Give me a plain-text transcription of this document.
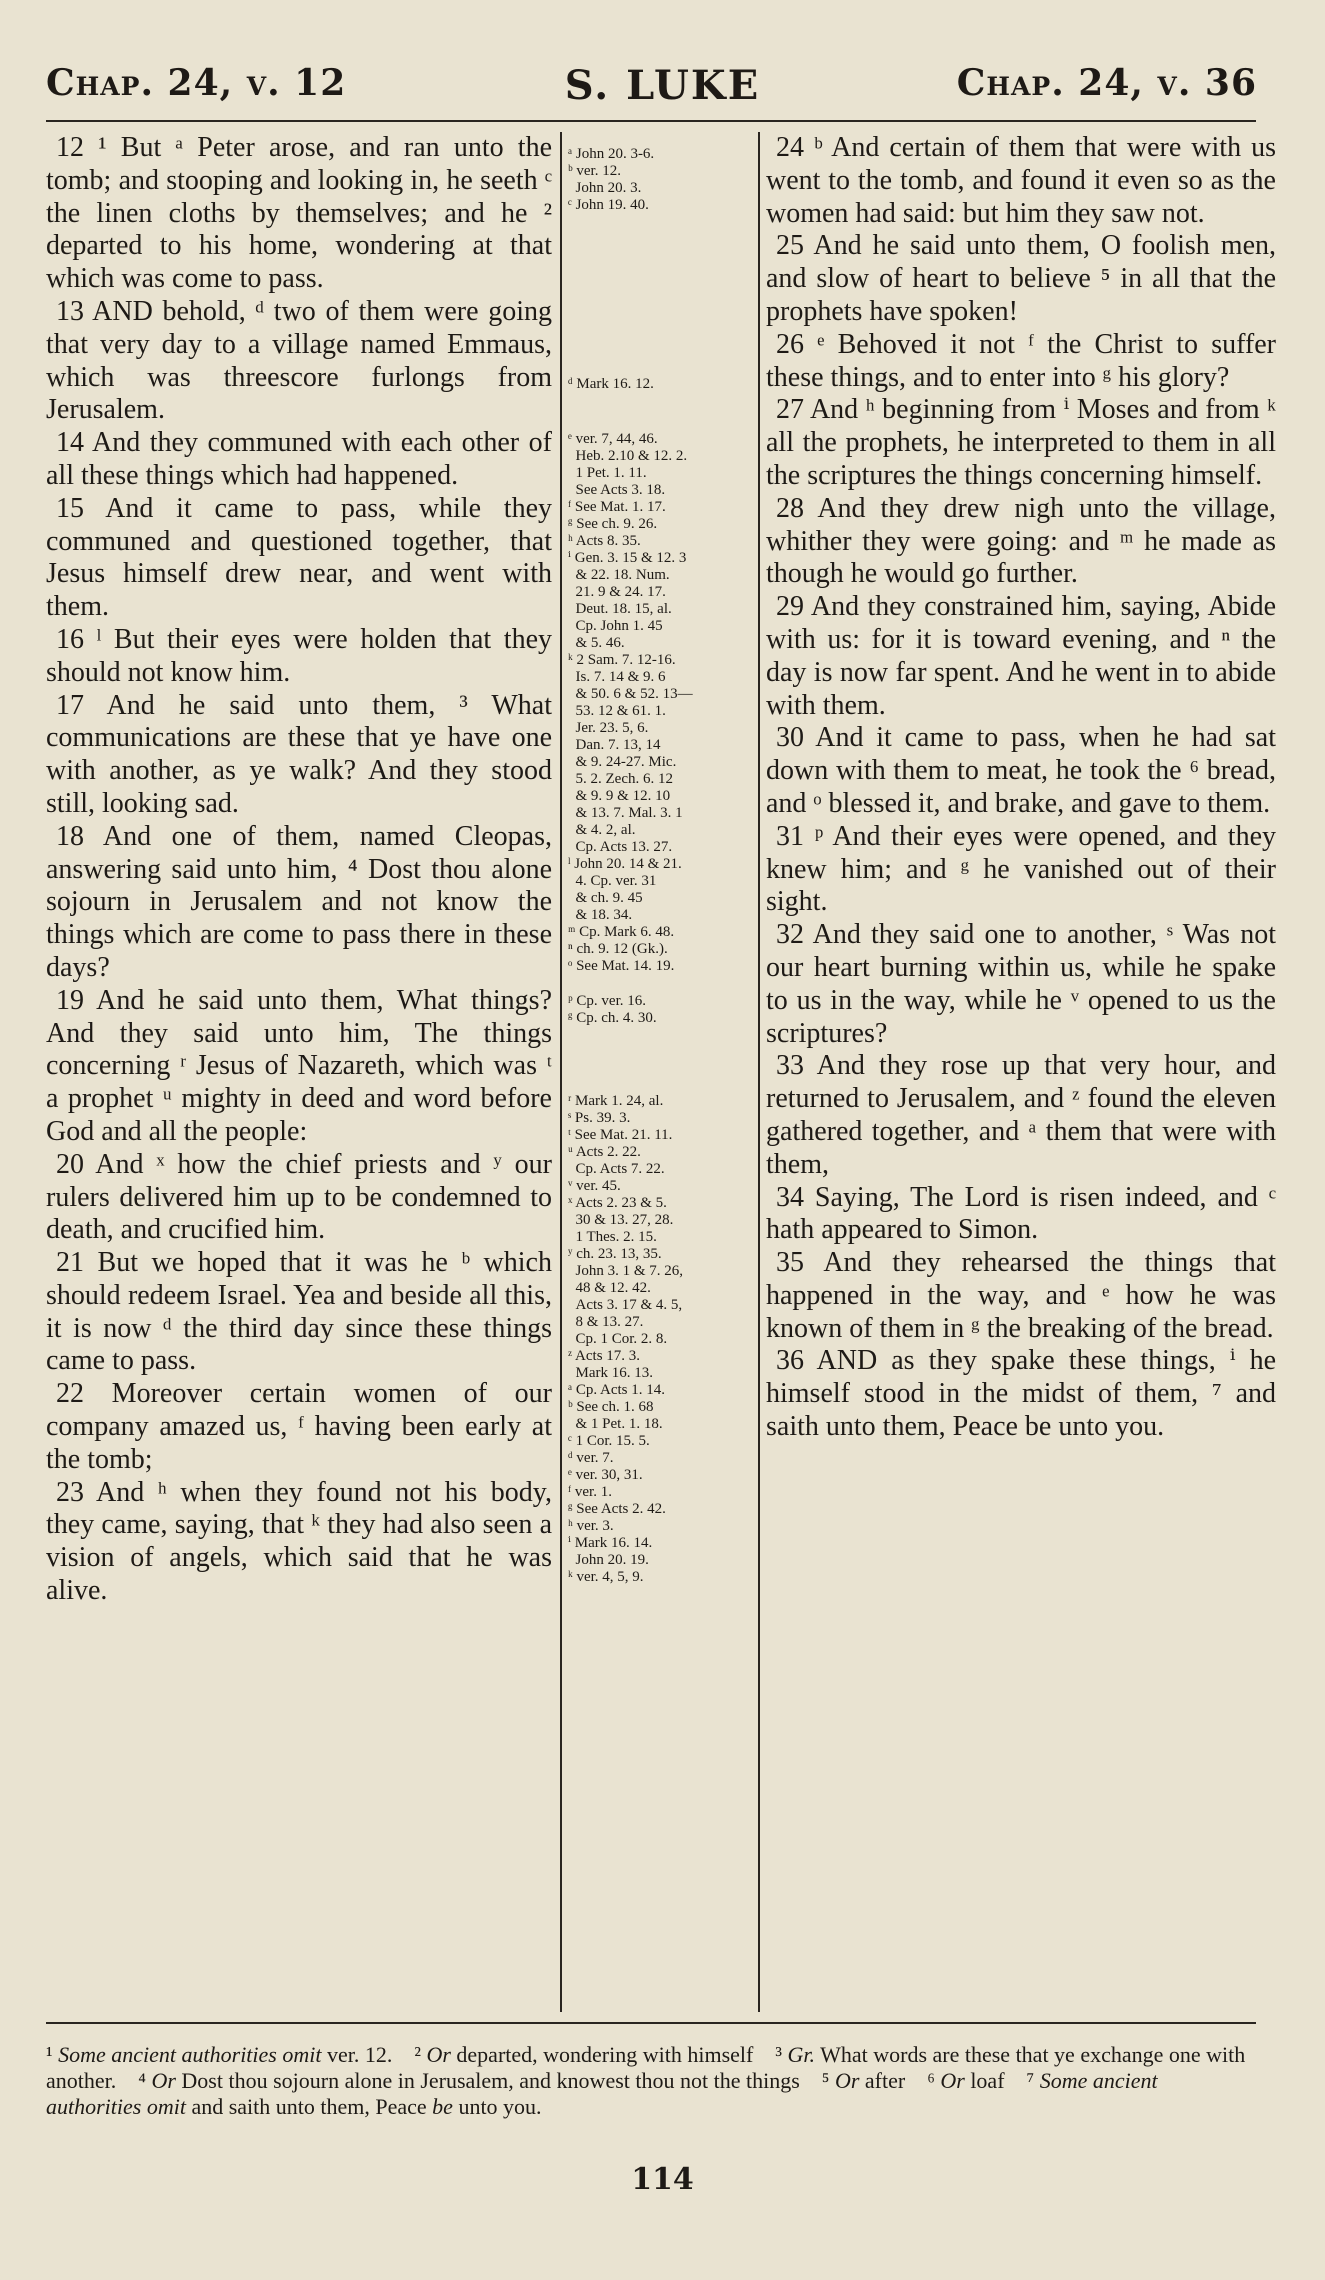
Chap. 24, v. 12	S. LUKE	Chap. 24, v. 36

12 ¹ But ᵃ Peter arose, and ran unto the tomb; and stooping and looking in, he seeth ᶜ the linen cloths by themselves; and he ² departed to his home, wondering at that which was come to pass.

13 AND behold, ᵈ two of them were going that very day to a village named Emmaus, which was threescore furlongs from Jerusalem.

14 And they communed with each other of all these things which had happened.

15 And it came to pass, while they communed and questioned together, that Jesus himself drew near, and went with them.

16 ˡ But their eyes were holden that they should not know him.

17 And he said unto them, ³ What communications are these that ye have one with another, as ye walk? And they stood still, looking sad.

18 And one of them, named Cleopas, answering said unto him, ⁴ Dost thou alone sojourn in Jerusalem and not know the things which are come to pass there in these days?

19 And he said unto them, What things? And they said unto him, The things concerning ʳ Jesus of Nazareth, which was ᵗ a prophet ᵘ mighty in deed and word before God and all the people:

20 And ˣ how the chief priests and ʸ our rulers delivered him up to be condemned to death, and crucified him.

21 But we hoped that it was he ᵇ which should redeem Israel. Yea and beside all this, it is now ᵈ the third day since these things came to pass.

22 Moreover certain women of our company amazed us, ᶠ having been early at the tomb;

23 And ʰ when they found not his body, they came, saying, that ᵏ they had also seen a vision of angels, which said that he was alive.

ᵃ John 20. 3-6.
ᵇ ver. 12.
John 20. 3.
ᶜ John 19. 40.
ᵈ Mark 16. 12.
ᵉ ver. 7, 44, 46.
Heb. 2.10 & 12. 2.
1 Pet. 1. 11.
See Acts 3. 18.
ᶠ See Mat. 1. 17.
ᵍ See ch. 9. 26.
ʰ Acts 8. 35.
ⁱ Gen. 3. 15 & 12. 3
& 22. 18. Num.
21. 9 & 24. 17.
Deut. 18. 15, al.
Cp. John 1. 45
& 5. 46.
ᵏ 2 Sam. 7. 12-16.
Is. 7. 14 & 9. 6
& 50. 6 & 52. 13—
53. 12 & 61. 1.
Jer. 23. 5, 6.
Dan. 7. 13, 14
& 9. 24-27. Mic.
5. 2. Zech. 6. 12
& 9. 9 & 12. 10
& 13. 7. Mal. 3. 1
& 4. 2, al.
Cp. Acts 13. 27.
ˡ John 20. 14 & 21.
4. Cp. ver. 31
& ch. 9. 45
& 18. 34.
ᵐ Cp. Mark 6. 48.
ⁿ ch. 9. 12 (Gk.).
ᵒ See Mat. 14. 19.
ᵖ Cp. ver. 16.
ᵍ Cp. ch. 4. 30.
ʳ Mark 1. 24, al.
ˢ Ps. 39. 3.
ᵗ See Mat. 21. 11.
ᵘ Acts 2. 22.
Cp. Acts 7. 22.
ᵛ ver. 45.
ˣ Acts 2. 23 & 5.
30 & 13. 27, 28.
1 Thes. 2. 15.
ʸ ch. 23. 13, 35.
John 3. 1 & 7. 26,
48 & 12. 42.
Acts 3. 17 & 4. 5,
8 & 13. 27.
Cp. 1 Cor. 2. 8.
ᶻ Acts 17. 3.
Mark 16. 13.
ᵃ Cp. Acts 1. 14.
ᵇ See ch. 1. 68
& 1 Pet. 1. 18.
ᶜ 1 Cor. 15. 5.
ᵈ ver. 7.
ᵉ ver. 30, 31.
ᶠ ver. 1.
ᵍ See Acts 2. 42.
ʰ ver. 3.
ⁱ Mark 16. 14.
John 20. 19.
ᵏ ver. 4, 5, 9.

24 ᵇ And certain of them that were with us went to the tomb, and found it even so as the women had said: but him they saw not.

25 And he said unto them, O foolish men, and slow of heart to believe ⁵ in all that the prophets have spoken!

26 ᵉ Behoved it not ᶠ the Christ to suffer these things, and to enter into ᵍ his glory?

27 And ʰ beginning from ⁱ Moses and from ᵏ all the prophets, he interpreted to them in all the scriptures the things concerning himself.

28 And they drew nigh unto the village, whither they were going: and ᵐ he made as though he would go further.

29 And they constrained him, saying, Abide with us: for it is toward evening, and ⁿ the day is now far spent. And he went in to abide with them.

30 And it came to pass, when he had sat down with them to meat, he took the ⁶ bread, and ᵒ blessed it, and brake, and gave to them.

31 ᵖ And their eyes were opened, and they knew him; and ᵍ he vanished out of their sight.

32 And they said one to another, ˢ Was not our heart burning within us, while he spake to us in the way, while he ᵛ opened to us the scriptures?

33 And they rose up that very hour, and returned to Jerusalem, and ᶻ found the eleven gathered together, and ᵃ them that were with them,

34 Saying, The Lord is risen indeed, and ᶜ hath appeared to Simon.

35 And they rehearsed the things that happened in the way, and ᵉ how he was known of them in ᵍ the breaking of the bread.

36 AND as they spake these things, ⁱ he himself stood in the midst of them, ⁷ and saith unto them, Peace be unto you.

¹ Some ancient authorities omit ver. 12. ² Or departed, wondering with himself ³ Gr. What words are these that ye exchange one with another. ⁴ Or Dost thou sojourn alone in Jerusalem, and knowest thou not the things ⁵ Or after ⁶ Or loaf ⁷ Some ancient authorities omit and saith unto them, Peace be unto you.
114
